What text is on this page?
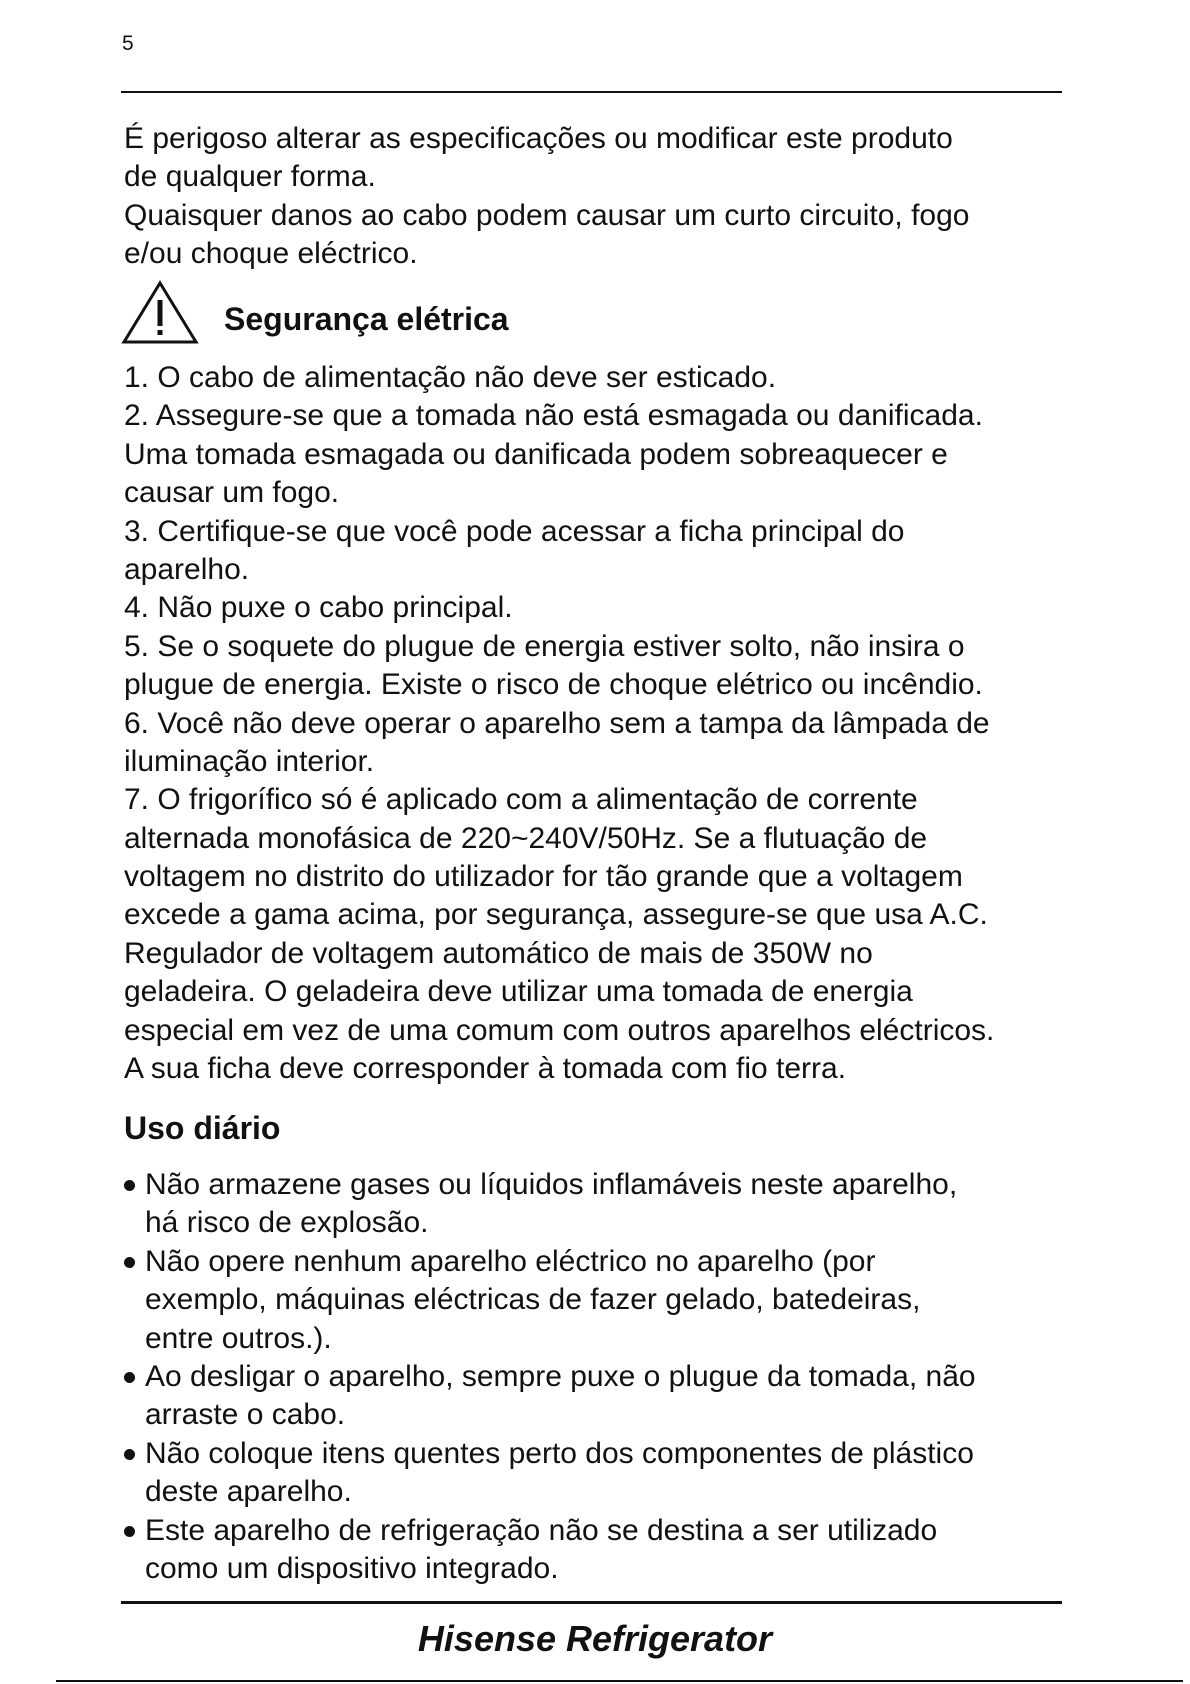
5
É perigoso alterar as especificações ou modificar este produto
de qualquer forma.
Quaisquer danos ao cabo podem causar um curto circuito, fogo
e/ou choque eléctrico.
Segurança elétrica
1. O cabo de alimentação não deve ser esticado.
2. Assegure-se que a tomada não está esmagada ou danificada.
Uma tomada esmagada ou danificada podem sobreaquecer e
causar um fogo.
3. Certifique-se que você pode acessar a ficha principal do
aparelho.
4. Não puxe o cabo principal.
5. Se o soquete do plugue de energia estiver solto, não insira o
plugue de energia. Existe o risco de choque elétrico ou incêndio.
6. Você não deve operar o aparelho sem a tampa da lâmpada de
iluminação interior.
7. O frigorífico só é aplicado com a alimentação de corrente
alternada monofásica de 220~240V/50Hz. Se a flutuação de
voltagem no distrito do utilizador for tão grande que a voltagem
excede a gama acima, por segurança, assegure-se que usa A.C.
Regulador de voltagem automático de mais de 350W no
geladeira. O geladeira deve utilizar uma tomada de energia
especial em vez de uma comum com outros aparelhos eléctricos.
A sua ficha deve corresponder à tomada com fio terra.
Uso diário
Não armazene gases ou líquidos inflamáveis neste aparelho,
há risco de explosão.
Não opere nenhum aparelho eléctrico no aparelho (por
exemplo, máquinas eléctricas de fazer gelado, batedeiras,
entre outros.).
Ao desligar o aparelho, sempre puxe o plugue da tomada, não
arraste o cabo.
Não coloque itens quentes perto dos componentes de plástico
deste aparelho.
Este aparelho de refrigeração não se destina a ser utilizado
como um dispositivo integrado.
Hisense Refrigerator
